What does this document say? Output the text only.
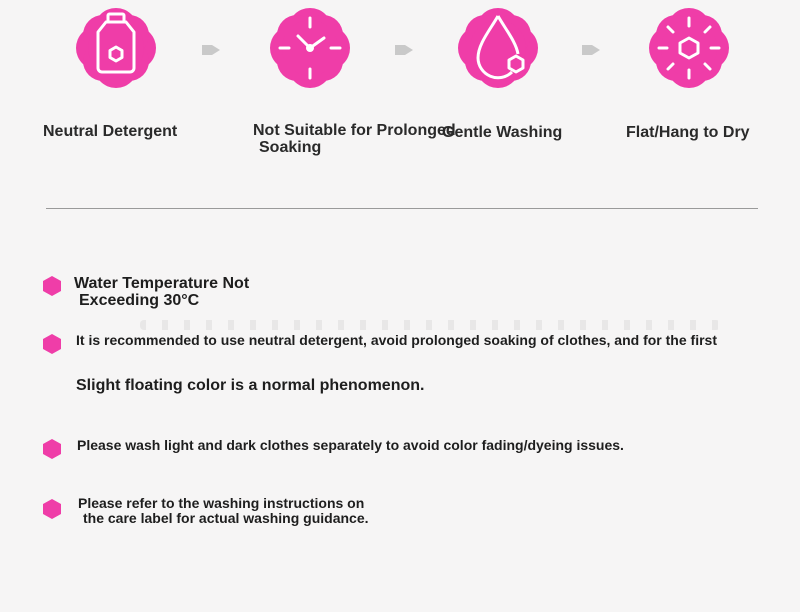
Neutral Detergent	Not Suitable for Prolonged
Soaking
Gentle Washing	Flat/Hang to Dry
Water Temperature Not
Exceeding 30°C
It is recommended to use neutral detergent, avoid prolonged soaking of clothes, and for the first
Slight floating color is a normal phenomenon.
Please wash light and dark clothes separately to avoid color fading/dyeing issues.
Please refer to the washing instructions on
the care label for actual washing guidance.
